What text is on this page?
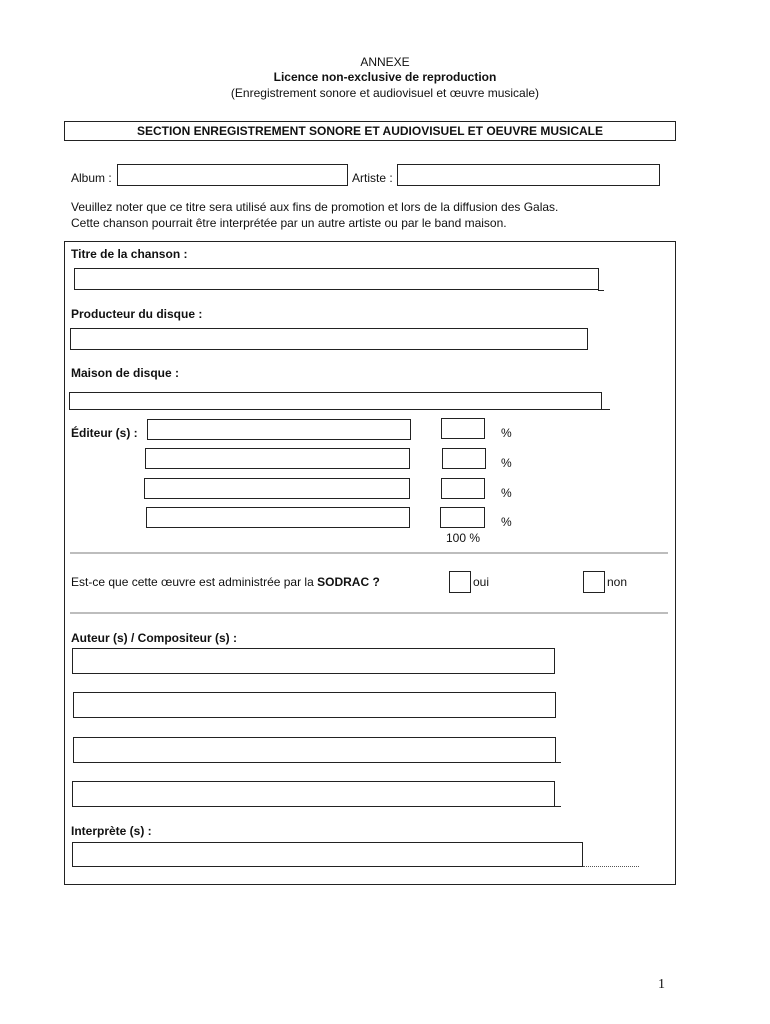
ANNEXE
Licence non-exclusive de reproduction
(Enregistrement sonore et audiovisuel et œuvre musicale)
SECTION ENREGISTREMENT SONORE ET AUDIOVISUEL ET OEUVRE MUSICALE
Album :	Artiste :
Veuillez noter que ce titre sera utilisé aux fins de promotion et lors de la diffusion des Galas.
Cette chanson pourrait être interprétée par un autre artiste ou par le band maison.
Titre de la chanson :
Producteur du disque :
Maison de disque :
Éditeur (s) :	%
%
%
%
100 %
Est-ce que cette œuvre est administrée par la SODRAC ?	oui	non
Auteur (s) / Compositeur (s) :
Interprète (s) :
1
